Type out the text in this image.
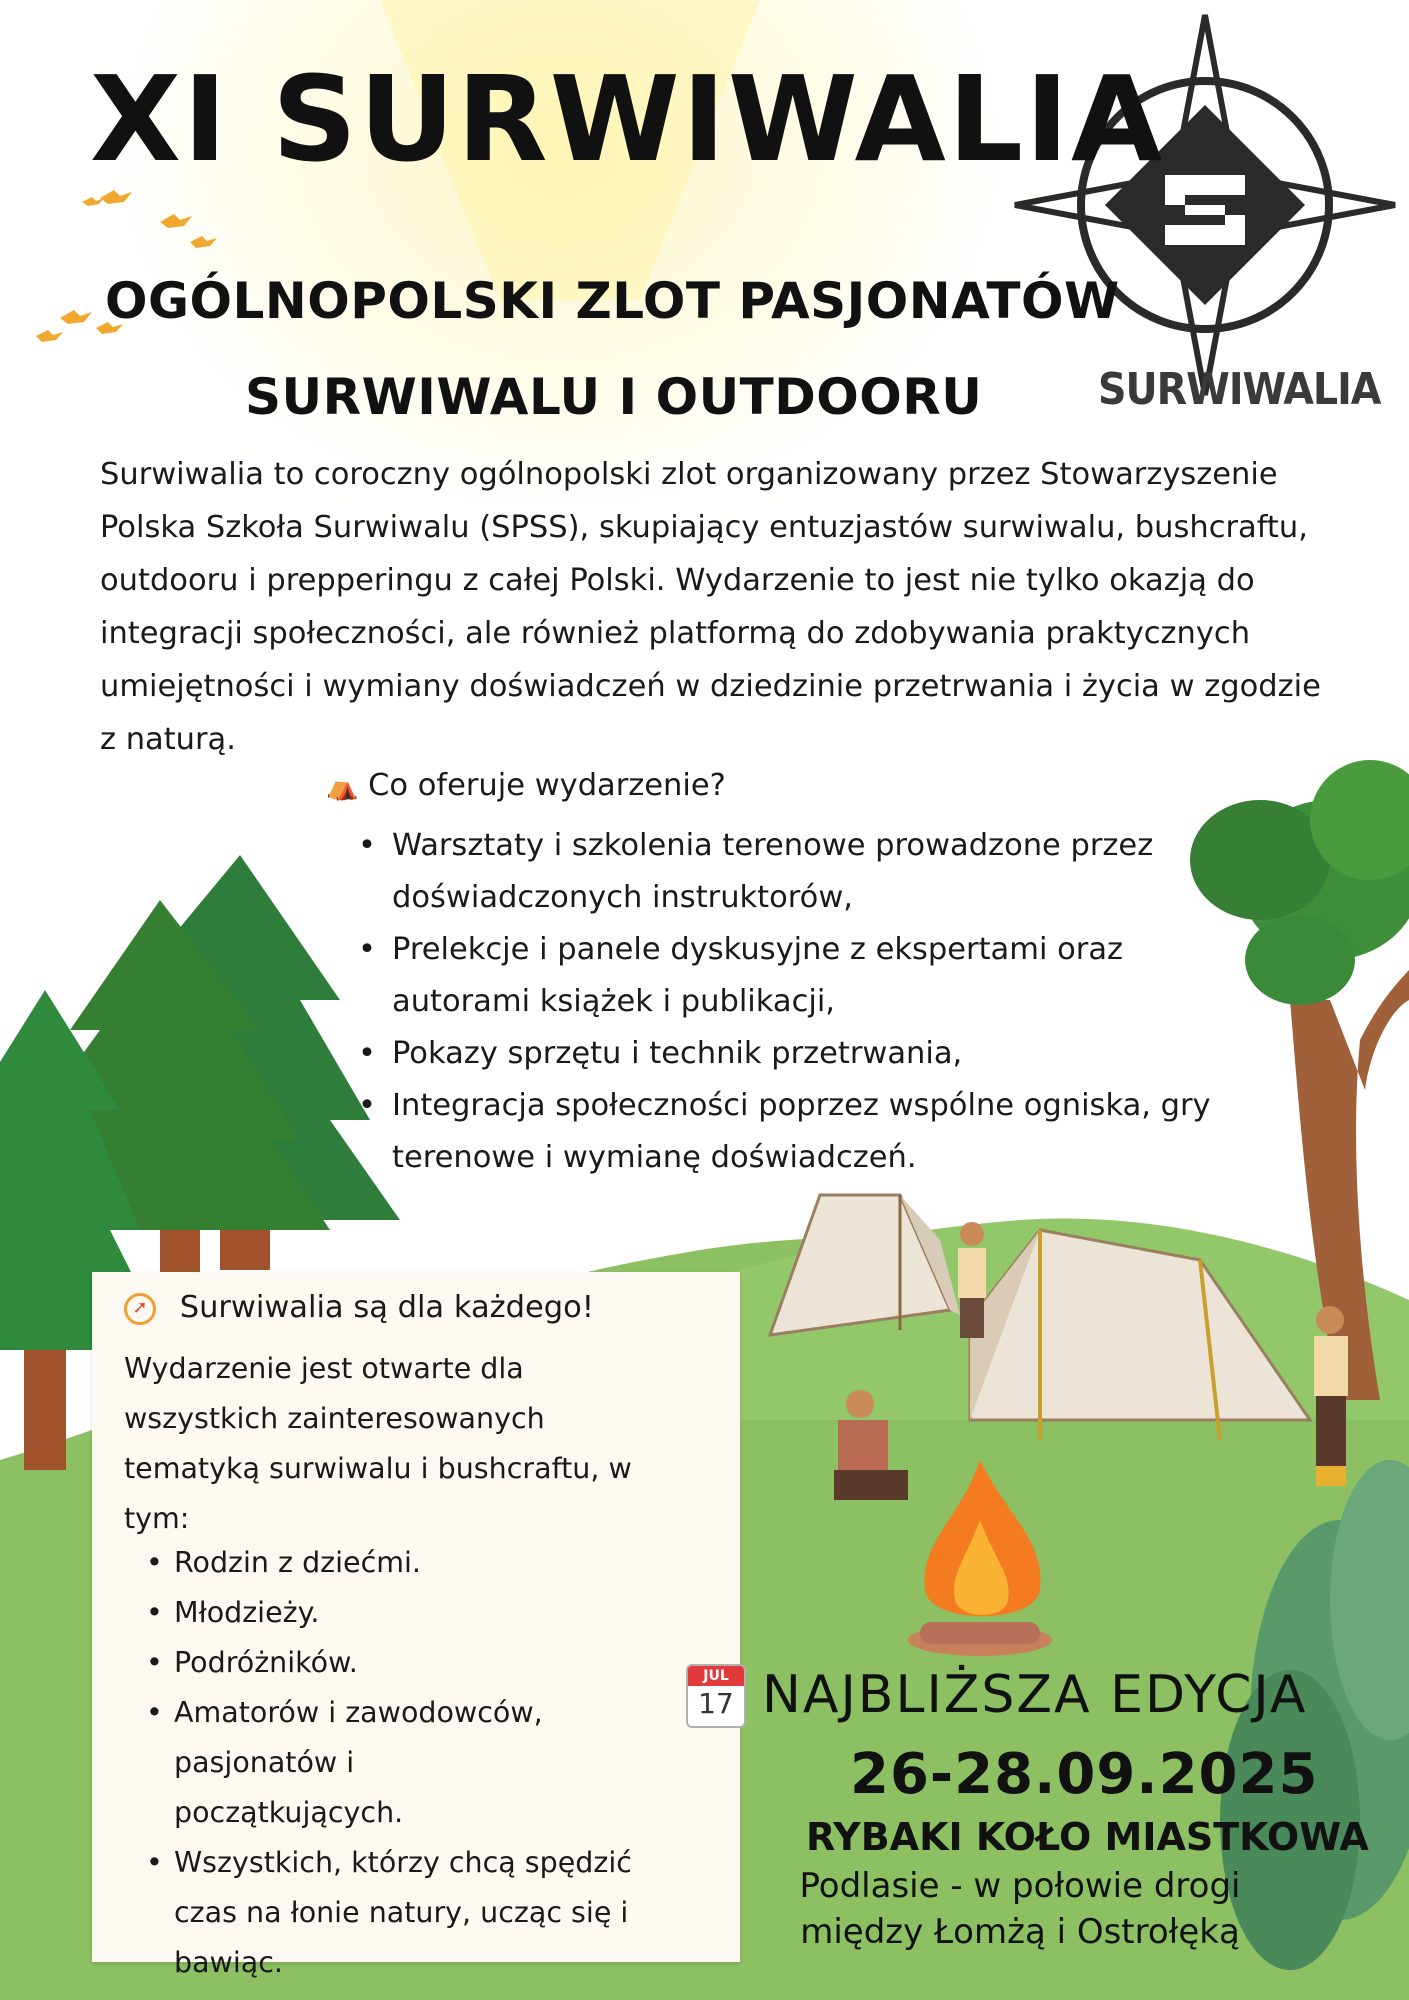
XI SURWIWALIA
OGÓLNOPOLSKI ZLOT PASJONATÓW
SURWIWALU I OUTDOORU	SURWIWALIA
Surwiwalia to coroczny ogólnopolski zlot organizowany przez Stowarzyszenie Polska Szkoła Surwiwalu (SPSS), skupiający entuzjastów surwiwalu, bushcraftu, outdooru i prepperingu z całej Polski. Wydarzenie to jest nie tylko okazją do integracji społeczności, ale również platformą do zdobywania praktycznych umiejętności i wymiany doświadczeń w dziedzinie przetrwania i życia w zgodzie z naturą.
⛺ Co oferuje wydarzenie?
• Warsztaty i szkolenia terenowe prowadzone przez doświadczonych instruktorów,
• Prelekcje i panele dyskusyjne z ekspertami oraz autorami książek i publikacji,
• Pokazy sprzętu i technik przetrwania,
• Integracja społeczności poprzez wspólne ogniska, gry terenowe i wymianę doświadczeń.
➚ Surwiwalia są dla każdego!
Wydarzenie jest otwarte dla wszystkich zainteresowanych tematyką surwiwalu i bushcraftu, w tym:
• Rodzin z dziećmi.
• Młodzieży.
• Podróżników.
• Amatorów i zawodowców, pasjonatów i początkujących.
• Wszystkich, którzy chcą spędzić czas na łonie natury, ucząc się i bawiąc.
JUL
17 NAJBLIŻSZA EDYCJA
26-28.09.2025
RYBAKI KOŁO MIASTKOWA
Podlasie - w połowie drogi między Łomżą i Ostrołęką
